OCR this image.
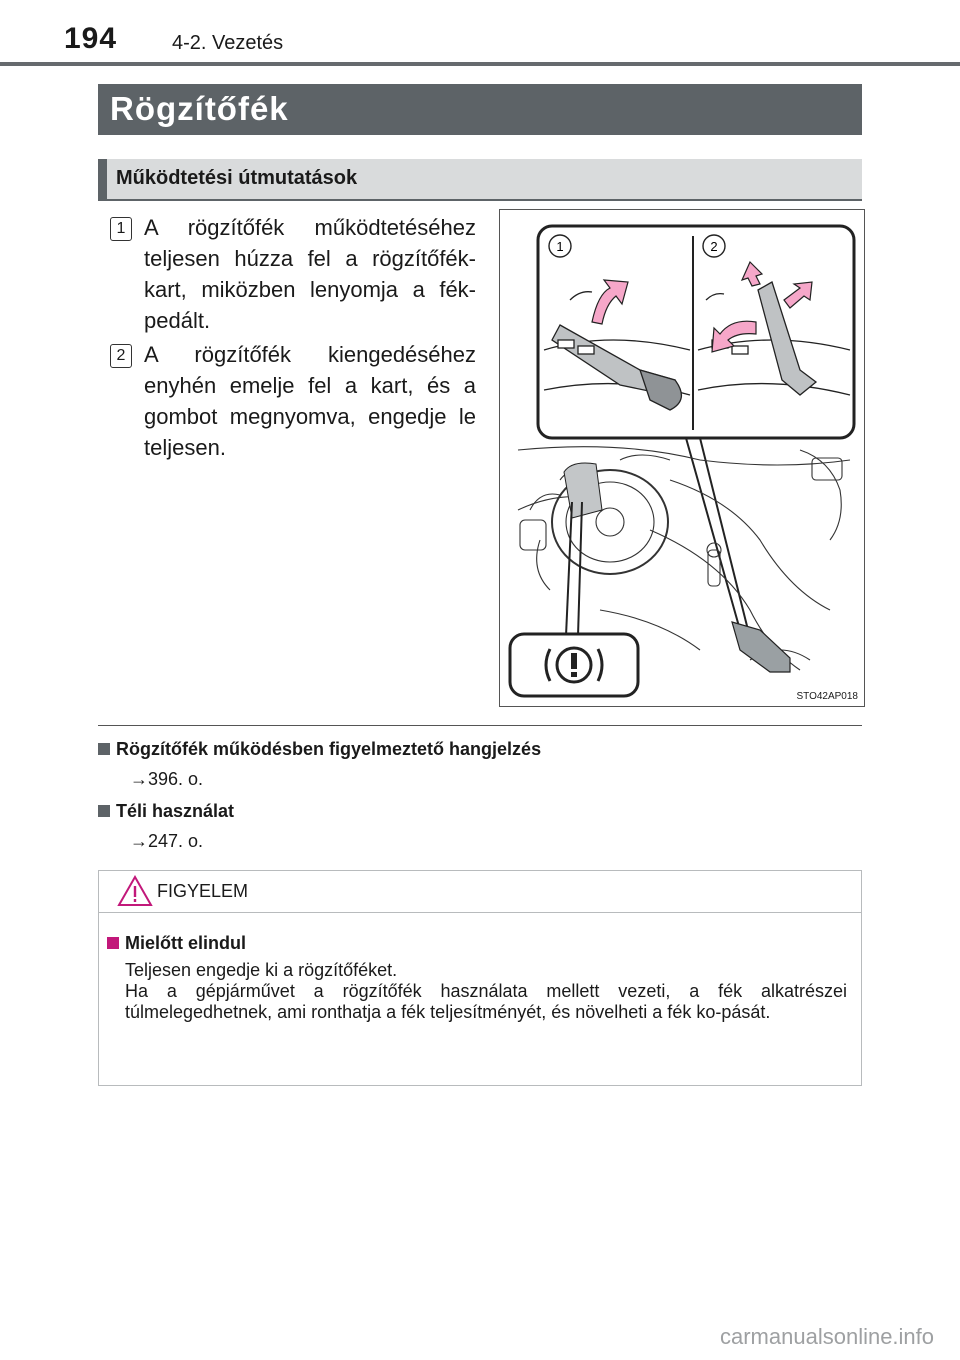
194	4-2. Vezetés
Rögzítőfék
Működtetési útmutatások
1 A rögzítőfék működtetéséhez teljesen húzza fel a rögzítőfék-kart, miközben lenyomja a fék-pedált.
2 A rögzítőfék kiengedéséhez enyhén emelje fel a kart, és a gombot megnyomva, engedje le teljesen.
1	2
STO42AP018
Rögzítőfék működésben figyelmeztető hangjelzés
→396. o.
Téli használat
→247. o.
FIGYELEM
Mielőtt elindul

Teljesen engedje ki a rögzítőféket.

Ha a gépjárművet a rögzítőfék használata mellett vezeti, a fék alkatrészei túlmelegedhetnek, ami ronthatja a fék teljesítményét, és növelheti a fék ko-pását.

carmanualsonline.info
